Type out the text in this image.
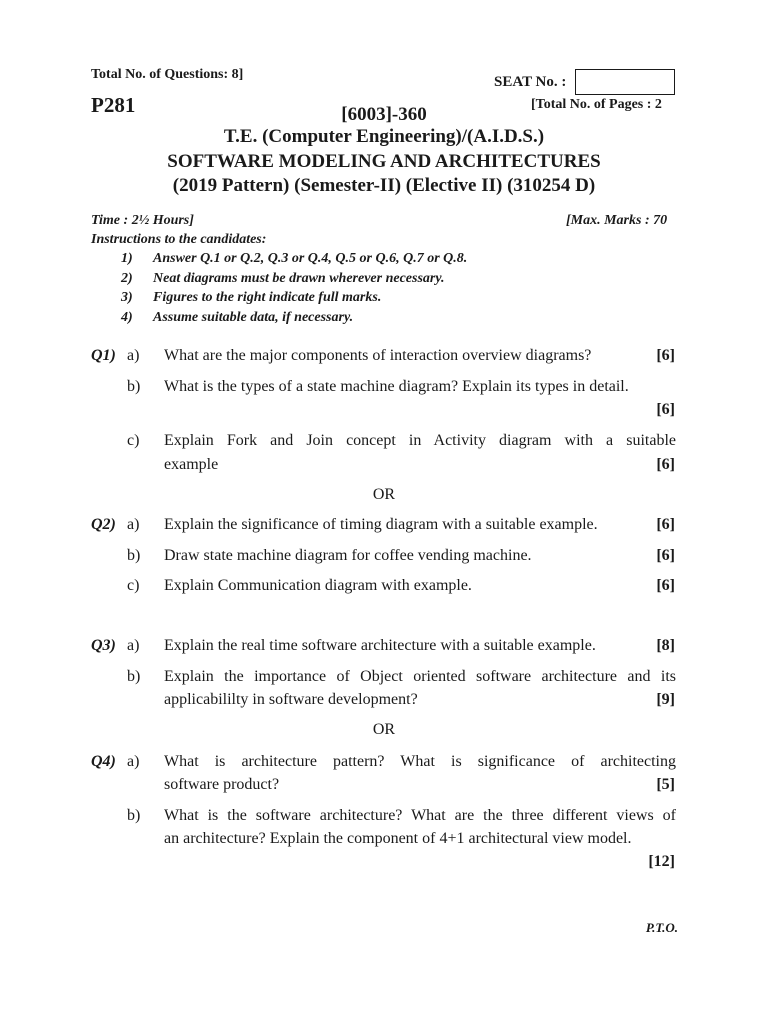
Total No. of Questions: 8]	SEAT No. :
P281	[Total No. of Pages : 2
[6003]-360
T.E. (Computer Engineering)/(A.I.D.S.)
SOFTWARE MODELING AND ARCHITECTURES
(2019 Pattern) (Semester-II) (Elective II) (310254 D)
Time : 2½ Hours]	[Max. Marks : 70
Instructions to the candidates:
1) Answer Q.1 or Q.2, Q.3 or Q.4, Q.5 or Q.6, Q.7 or Q.8.
2) Neat diagrams must be drawn wherever necessary.
3) Figures to the right indicate full marks.
4) Assume suitable data, if necessary.
Q1) a) What are the major components of interaction overview diagrams?	[6]
b) What is the types of a state machine diagram? Explain its types in detail.
[6]
c) Explain Fork and Join concept in Activity diagram with a suitable
example	[6]
OR
Q2) a) Explain the significance of timing diagram with a suitable example.	[6]
b) Draw state machine diagram for coffee vending machine.	[6]
c) Explain Communication diagram with example.	[6]
Q3) a) Explain the real time software architecture with a suitable example.	[8]
b) Explain the importance of Object oriented software architecture and its
applicabililty in software development?	[9]
OR
Q4) a) What is architecture pattern? What is significance of architecting
software product?	[5]
b) What is the software architecture? What are the three different views of
an architecture? Explain the component of 4+1 architectural view model.
[12]
P.T.O.
